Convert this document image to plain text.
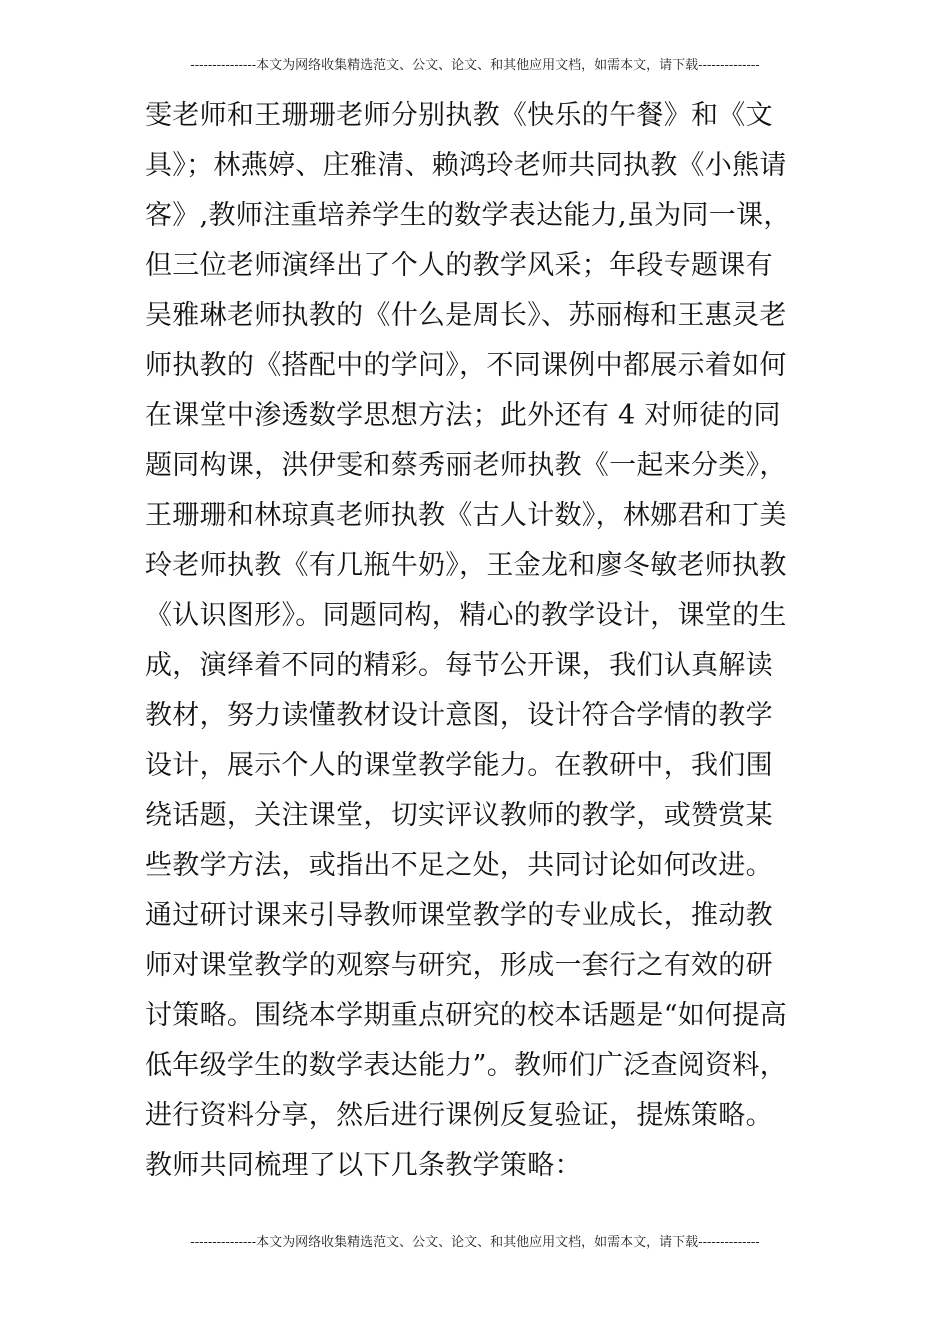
---------------本文为网络收集精选范文、公文、论文、和其他应用文档，如需本文，请下载--------------
雯老师和王珊珊老师分别执教《快乐的午餐》和《文
具》；林燕婷、庄雅清、赖鸿玲老师共同执教《小熊请
客》,教师注重培养学生的数学表达能力,虽为同一课，
但三位老师演绎出了个人的教学风采；年段专题课有
吴雅琳老师执教的《什么是周长》、苏丽梅和王惠灵老
师执教的《搭配中的学问》，不同课例中都展示着如何
在课堂中渗透数学思想方法；此外还有 4 对师徒的同
题同构课，洪伊雯和蔡秀丽老师执教《一起来分类》，
王珊珊和林琼真老师执教《古人计数》，林娜君和丁美
玲老师执教《有几瓶牛奶》，王金龙和廖冬敏老师执教
《认识图形》。同题同构，精心的教学设计，课堂的生
成，演绎着不同的精彩。每节公开课，我们认真解读
教材，努力读懂教材设计意图，设计符合学情的教学
设计，展示个人的课堂教学能力。在教研中，我们围
绕话题，关注课堂，切实评议教师的教学，或赞赏某
些教学方法，或指出不足之处，共同讨论如何改进。
通过研讨课来引导教师课堂教学的专业成长，推动教
师对课堂教学的观察与研究，形成一套行之有效的研
讨策略。围绕本学期重点研究的校本话题是“如何提高
低年级学生的数学表达能力”。教师们广泛查阅资料，
进行资料分享，然后进行课例反复验证，提炼策略。
教师共同梳理了以下几条教学策略：
---------------本文为网络收集精选范文、公文、论文、和其他应用文档，如需本文，请下载--------------
